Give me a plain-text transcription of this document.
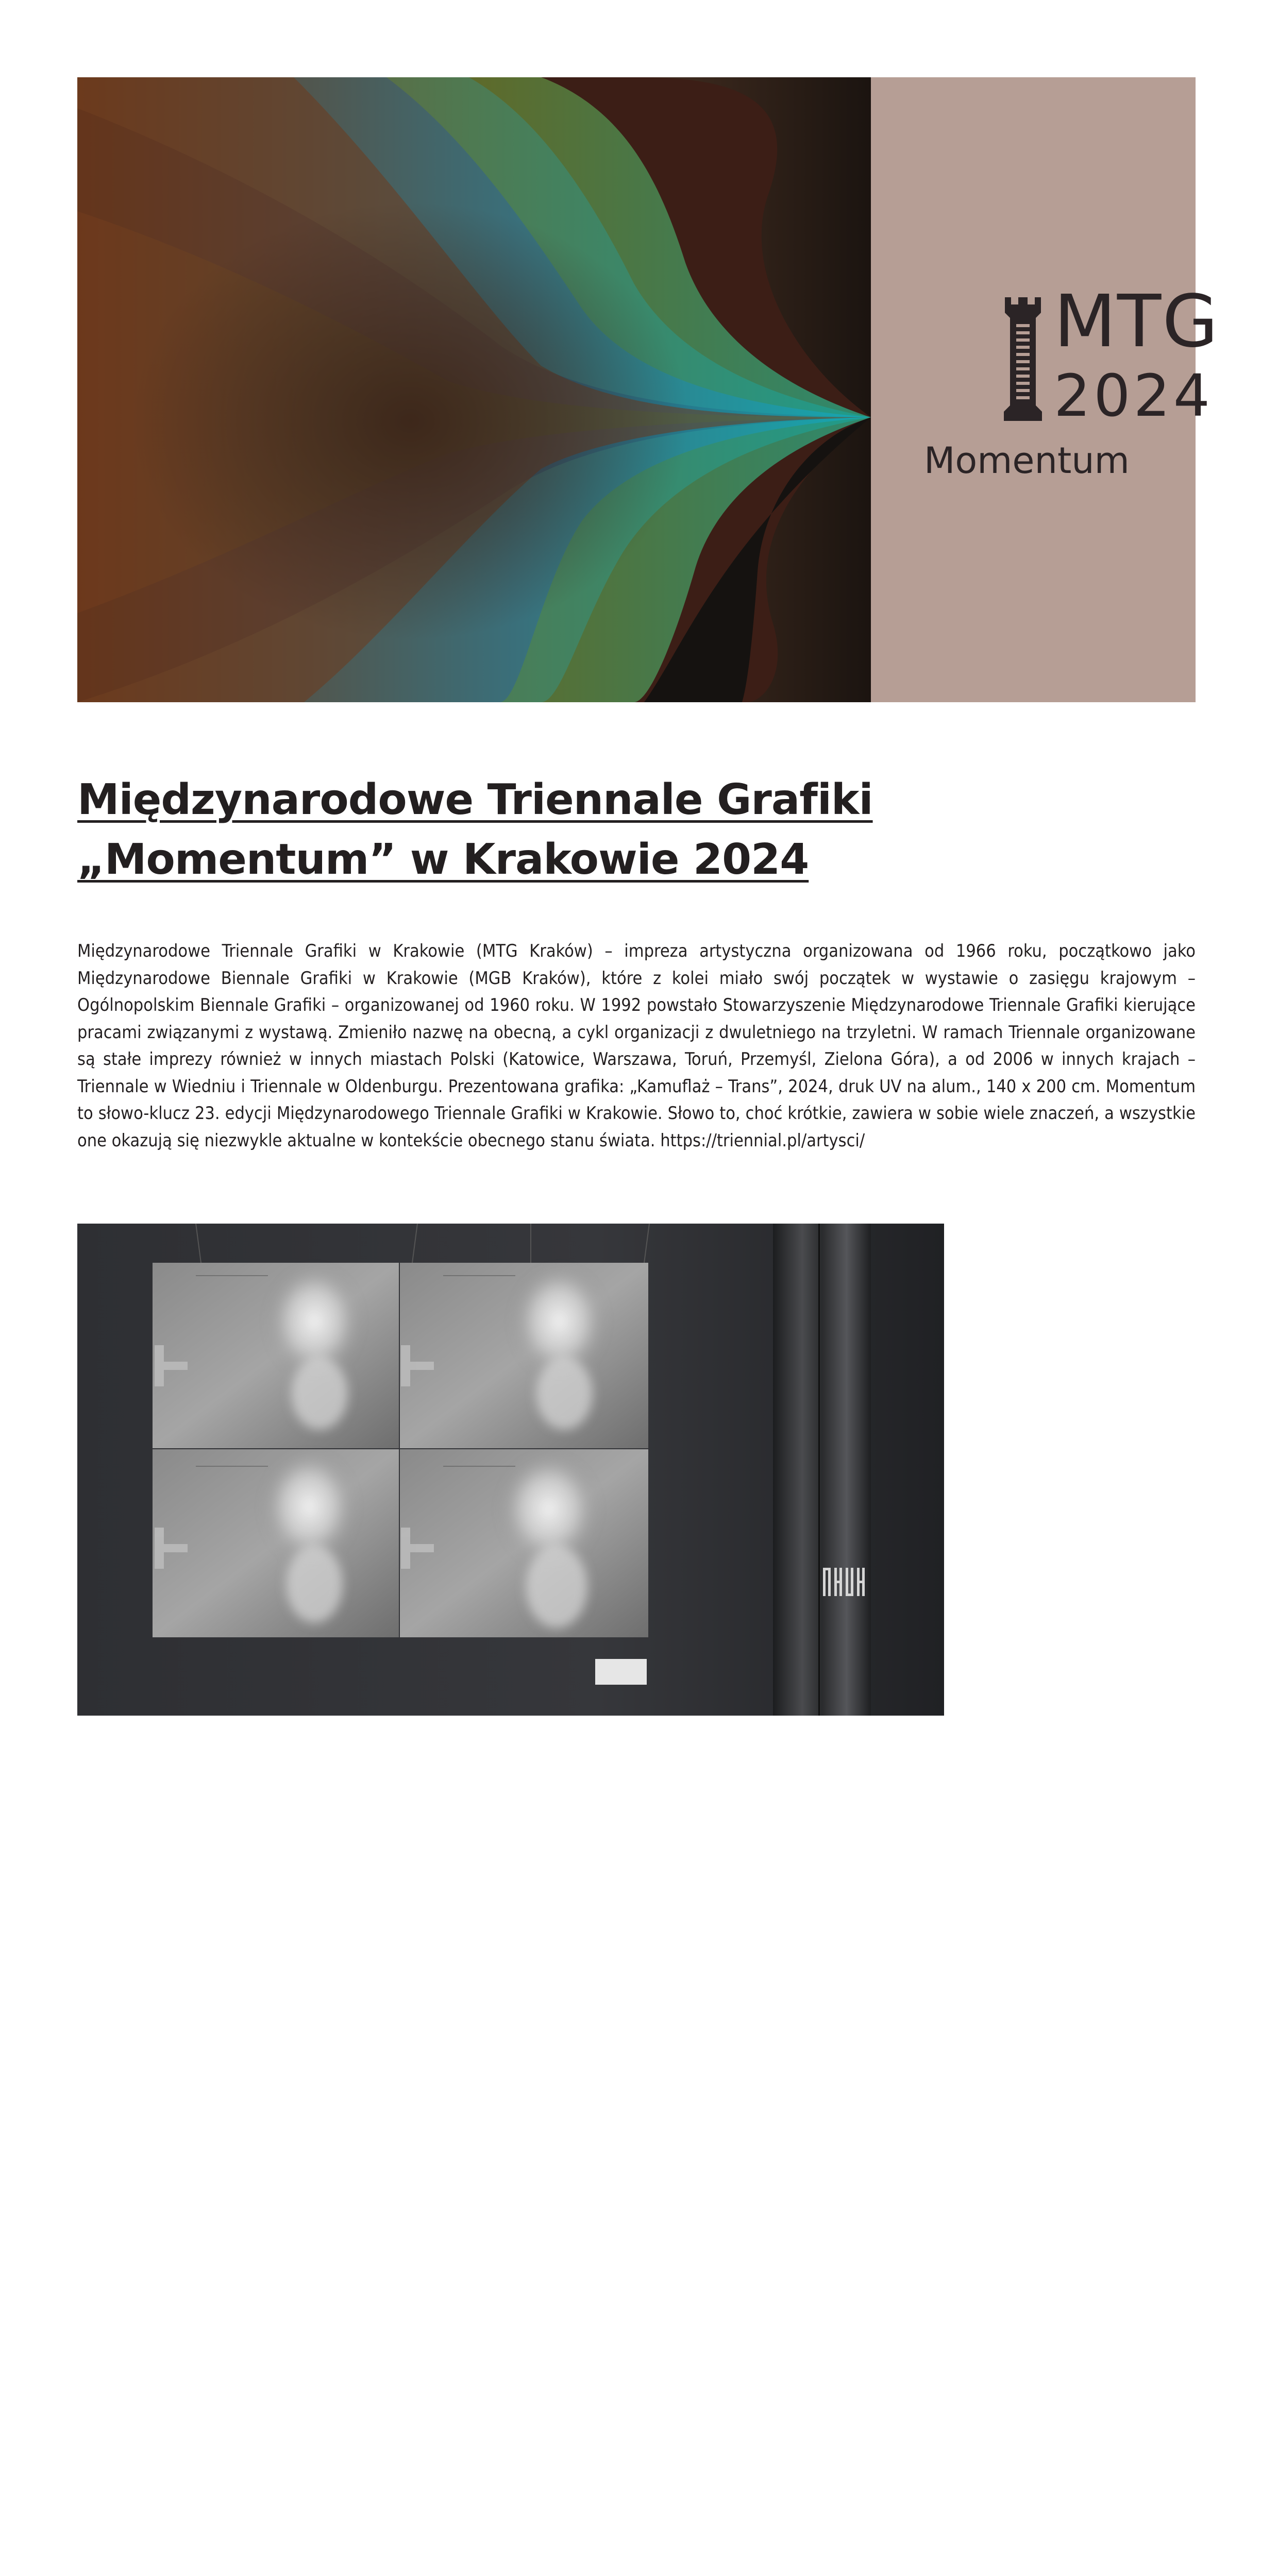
MTG
2024
Momentum
Międzynarodowe Triennale Grafiki
„Momentum” w Krakowie 2024
Międzynarodowe Triennale Grafiki w Krakowie (MTG Kraków) – impreza artystyczna organizowana od 1966 roku, początkowo jako Międzynarodowe Biennale Grafiki w Krakowie (MGB Kraków), które z kolei miało swój początek w wystawie o zasięgu krajowym – Ogólnopolskim Biennale Grafiki – organizowanej od 1960 roku. W 1992 powstało Stowarzyszenie Międzynarodowe Triennale Grafiki kierujące pracami związanymi z wystawą. Zmieniło nazwę na obecną, a cykl organizacji z dwuletniego na trzyletni. W ramach Triennale organizowane są stałe imprezy również w innych miastach Polski (Katowice, Warszawa, Toruń, Przemyśl, Zielona Góra), a od 2006 w innych krajach – Triennale w Wiedniu i Triennale w Oldenburgu. Prezentowana grafika: „Kamuflaż – Trans”, 2024, druk UV na alum., 140 x 200 cm. Momentum to słowo-klucz 23. edycji Międzynarodowego Triennale Grafiki w Krakowie. Słowo to, choć krótkie, zawiera w sobie wiele znaczeń, a wszystkie one okazują się niezwykle aktualne w kontekście obecnego stanu świata. https://triennial.pl/artysci/
